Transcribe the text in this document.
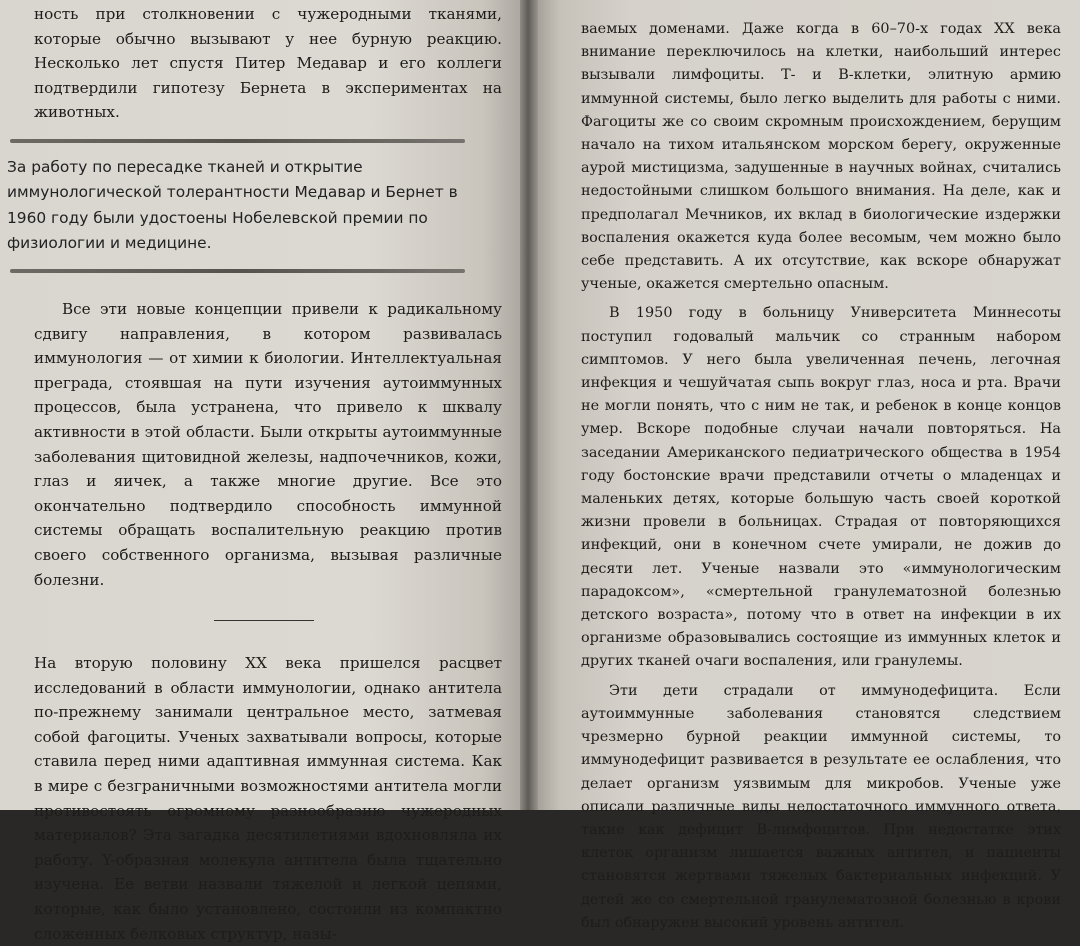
ность при столкновении с чужеродными тканями, которые обычно вызывают у нее бурную реакцию. Несколько лет спустя Питер Медавар и его коллеги подтвердили гипотезу Бернета в экспериментах на животных.

За работу по пересадке тканей и открытие иммунологической толерантности Медавар и Бернет в 1960 году были удостоены Нобелевской премии по физиологии и медицине.

Все эти новые концепции привели к радикальному сдвигу направления, в котором развивалась иммунология — от химии к биологии. Интеллектуальная преграда, стоявшая на пути изучения аутоиммунных процессов, была устранена, что привело к шквалу активности в этой области. Были открыты аутоиммунные заболевания щитовидной железы, надпочечников, кожи, глаз и яичек, а также многие другие. Все это окончательно подтвердило способность иммунной системы обращать воспалительную реакцию против своего собственного организма, вызывая различные болезни.

На вторую половину XX века пришелся расцвет исследований в области иммунологии, однако антитела по-прежнему занимали центральное место, затмевая собой фагоциты. Ученых захватывали вопросы, которые ставила перед ними адаптивная иммунная система. Как в мире с безграничными возможностями антитела могли противостоять огромному разнообразию чужеродных материалов? Эта загадка десятилетиями вдохновляла их работу. Y-образная молекула антитела была тщательно изучена. Ее ветви назвали тяжелой и легкой цепями, которые, как было установлено, состоили из компактно сложенных белковых структур, назы-

ваемых доменами. Даже когда в 60–70-х годах XX века внимание переключилось на клетки, наибольший интерес вызывали лимфоциты. Т- и В-клетки, элитную армию иммунной системы, было легко выделить для работы с ними. Фагоциты же со своим скромным происхождением, берущим начало на тихом итальянском морском берегу, окруженные аурой мистицизма, задушенные в научных войнах, считались недостойными слишком большого внимания. На деле, как и предполагал Мечников, их вклад в биологические издержки воспаления окажется куда более весомым, чем можно было себе представить. А их отсутствие, как вскоре обнаружат ученые, окажется смертельно опасным.

В 1950 году в больницу Университета Миннесоты поступил годовалый мальчик со странным набором симптомов. У него была увеличенная печень, легочная инфекция и чешуйчатая сыпь вокруг глаз, носа и рта. Врачи не могли понять, что с ним не так, и ребенок в конце концов умер. Вскоре подобные случаи начали повторяться. На заседании Американского педиатрического общества в 1954 году бостонские врачи представили отчеты о младенцах и маленьких детях, которые большую часть своей короткой жизни провели в больницах. Страдая от повторяющихся инфекций, они в конечном счете умирали, не дожив до десяти лет. Ученые назвали это «иммунологическим парадоксом», «смертельной гранулематозной болезнью детского возраста», потому что в ответ на инфекции в их организме образовывались состоящие из иммунных клеток и других тканей очаги воспаления, или гранулемы.

Эти дети страдали от иммунодефицита. Если аутоиммунные заболевания становятся следствием чрезмерно бурной реакции иммунной системы, то иммунодефицит развивается в результате ее ослабления, что делает организм уязвимым для микробов. Ученые уже описали различные виды недостаточного иммунного ответа, такие как дефицит В-лимфоцитов. При недостатке этих клеток организм лишается важных антител, и пациенты становятся жертвами тяжелых бактериальных инфекций. У детей же со смертельной гранулематозной болезнью в крови был обнаружен высокий уровень антител.
